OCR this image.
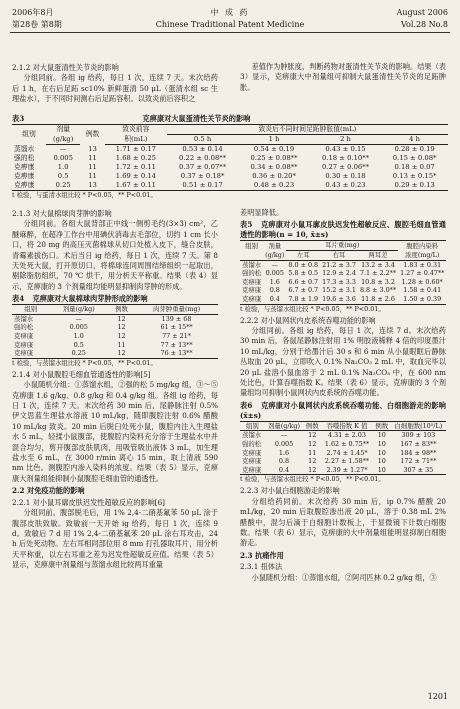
2006年8月
第28卷 第8期
中 成 药
Chinese Traditional Patent Medicine
August 2006
Vol.28 No.8

2.1.2 对大鼠蛋清性关节炎的影响

分组同前。各组 ig 给药，每日 1 次，连续 7 天。末次给药后 1 h，在右后足跖 sc10% 新鲜蛋清 50 μL（蛋清水组 sc 生理盐水），于不同时间测右后足跖容积。以致炎前后容积之

差值作为肿胀度，判断药物对蛋清性关节炎的影响。结果（表 3）显示，克痹康大中剂量组可抑制大鼠蛋清性关节炎的足跖肿胀。

表3	克痹康对大鼠蛋清性关节炎的影响
组别	剂量	例数	致炎前容	致炎后不同时间足跖肿胀值(mL)			
	(g/kg)		积(mL)	0.5 h	1 h	2 h	4 h
蒸馏水	—	13	1.71 ± 0.17	0.53 ± 0.14	0.54 ± 0.19	0.43 ± 0.15	0.28 ± 0.19
强的松	0.005	11	1.68 ± 0.25	0.22 ± 0.08**	0.25 ± 0.08**	0.18 ± 0.10**	0.15 ± 0.08*
克痹康	1.0	11	1.72 ± 0.11	0.37 ± 0.07**	0.34 ± 0.08**	0.27 ± 0.06**	0.18 ± 0.07
克痹康	0.5	11	1.69 ± 0.14	0.37 ± 0.18*	0.36 ± 0.20*	0.30 ± 0.18	0.13 ± 0.15*
克痹康	0.25	13	1.67 ± 0.11	0.51 ± 0.17	0.48 ± 0.23	0.43 ± 0.23	0.29 ± 0.13
t 检验，与蛋清水组比较 * P<0.05，** P<0.01。

2.1.3 对大鼠棉球肉芽肿的影响

分组同前。各组大鼠背部正中线一侧剪毛约(3×3) cm²，乙醚麻醉，在超净工作台中用碘伏消毒去毛部位，切约 1 cm 长小口，将 20 mg 的高压灭菌棉球从切口处植入皮下，缝合皮肤，青霉素拔伤口。术后当日 ig 给药，每日 1 次，连续 7 天。第 8 天处死大鼠，打开原切口，将棉球连同周围结缔组织一起取出，剔除脂肪组织，70 ℃ 烘干，用分析天平称重。结果（表 4）显示，克痹康的 3 个剂量组均能明显抑制肉芽肿的形成。

表4 克痹康对大鼠棉球肉芽肿形成的影响
组别	剂量(g/kg)	例数	肉芽肿重量(mg)
蒸馏水	—	12	139 ± 68
强的松	0.005	12	61 ± 15**
克痹康	1.0	12	77 ± 21*
克痹康	0.5	11	77 ± 13**
克痹康	0.25	12	76 ± 13**
t 检验，与蒸馏水组比较 * P<0.05，** P<0.01。

2.1.4 对小鼠腹腔毛细血管通透性的影响[5]

小鼠随机分组：①蒸馏水组，②强的松 5 mg/kg 组，③～⑤克痹康 1.6 g/kg、0.8 g/kg 和 0.4 g/kg 组。各组 ig 给药，每日 1 次，连续 7 天。末次给药 30 min 后，尾静脉注射 0.5% 伊文思蓝生理盐水溶液 10 mL/kg，随即腹腔注射 0.6% 醋酸 10 mL/kg 致炎。20 min 后脱臼处死小鼠，腹腔内注入生理盐水 5 mL，轻揉小鼠腹部，使腹腔内染料充分溶于生理盐水中并混合均匀，剪开腹部皮肤肌肉，用吸管吸出液体 3 mL，加生理盐水至 6 mL，在 3000 r/min 离心 15 min，取上清液 590 nm 比色。测腹腔内渗入染料的浓度。结果（表 5）显示，克痹康大剂量组能抑制小鼠腹腔毛细血管的通透性。

2.2 对免疫功能的影响

2.2.1 对小鼠耳廓皮肤迟发性超敏反应的影响[6]

分组同前。腹部脱毛后，用 1% 2,4-二硝基氟苯 50 μL 涂于腹部皮肤致敏。致敏前一天开始 ig 给药，每日 1 次，连续 9 d。致敏后 7 d 用 1% 2,4-二硝基氟苯 20 μL 涂右耳攻击，24 h 后处死动物。左右耳相同部位用 8 mm 打孔器取耳片，用分析天平称重，以左右耳重之差为迟发性超敏反应值。结果（表 5）显示，克痹康中剂量组与蒸馏水组比较两耳重量

差明显降低。

表5 克痹康对小鼠耳廓皮肤迟发性超敏反应、腹腔毛细血管通透性的影响(n = 10, x̄±s)
组别	剂量	耳片重(mg)			腹腔内染料
	(g/kg)	左耳	右耳	两耳差	浓度(mg/L)
蒸馏水	—	8.0 ± 0.8	21.2 ± 3.7	13.2 ± 3.4	1.83 ± 0.31
强的松	0.005	5.8 ± 0.5	12.9 ± 2.4	7.1 ± 2.2**	1.27 ± 0.47**
克痹康	1.6	6.6 ± 0.7	17.3 ± 3.3	10.8 ± 3.2	1.28 ± 0.60*
克痹康	0.8	6.7 ± 0.7	15.2 ± 3.1	8.8 ± 3.0**	1.58 ± 0.41
克痹康	0.4	7.8 ± 1.9	19.6 ± 3.6	11.8 ± 2.6	1.50 ± 0.39
t 检验，与蒸馏水组比较 * P<0.05，** P<0.01。

2.2.2 对小鼠网状内皮系统吞噬功能的影响

分组同前。各组 ig 给药，每日 1 次，连续 7 d。末次给药 30 min 后，各鼠尾静脉注射用 1% 明胶液稀释 4 倍的印度墨汁 10 mL/kg，分别于给墨汁后 30 s 和 6 min 从小鼠眼眶后静脉丛取血 20 μL，立即吹入 0.1% Na₂CO₃ 2 mL 中，取血完毕以 20 μL 盐溶小鼠血溶于 2 mL 0.1% Na₂CO₃ 中，在 600 nm 处比色，计算吞噬指数 K。结果（表 6）显示，克痹康的 3 个剂量组均可抑制小鼠网状内皮系统的吞噬功能。

表6 克痹康对小鼠网状内皮系统吞噬功能、白细胞游走的影响(x̄±s)
组别	剂量(g/kg)	例数	吞噬指数 K 值	例数	白细胞数(10⁵/L)
蒸馏水	—	12	4.31 ± 2.03	10	309 ± 103
强的松	0.005	12	1.62 ± 0.75**	10	167 ± 83**
克痹康	1.6	11	2.74 ± 1.45*	10	184 ± 98**
克痹康	0.8	12	2.27 ± 1.58**	10	172 ± 71**
克痹康	0.4	12	2.39 ± 1.27*	10	307 ± 35
t 检验，与蒸馏水组比较 * P<0.05，** P<0.01。

2.2.3 对小鼠白细胞游走的影响

分组给药同前。末次给药 30 min 后，ip 0.7% 醋酸 20 mL/kg，20 min 后取腹腔渗出液 20 μL，溶于 0.38 mL 2% 醋酸中，混匀后滴于白细胞计数板上，于显微镜下计数白细胞数。结果（表 6）显示，克痹康的大中剂量组能明显抑制白细胞游走。

2.3 抗痛作用

2.3.1 扭体法

小鼠随机分组：①蒸馏水组，②阿司匹林 0.2 g/kg 组，③

1201
